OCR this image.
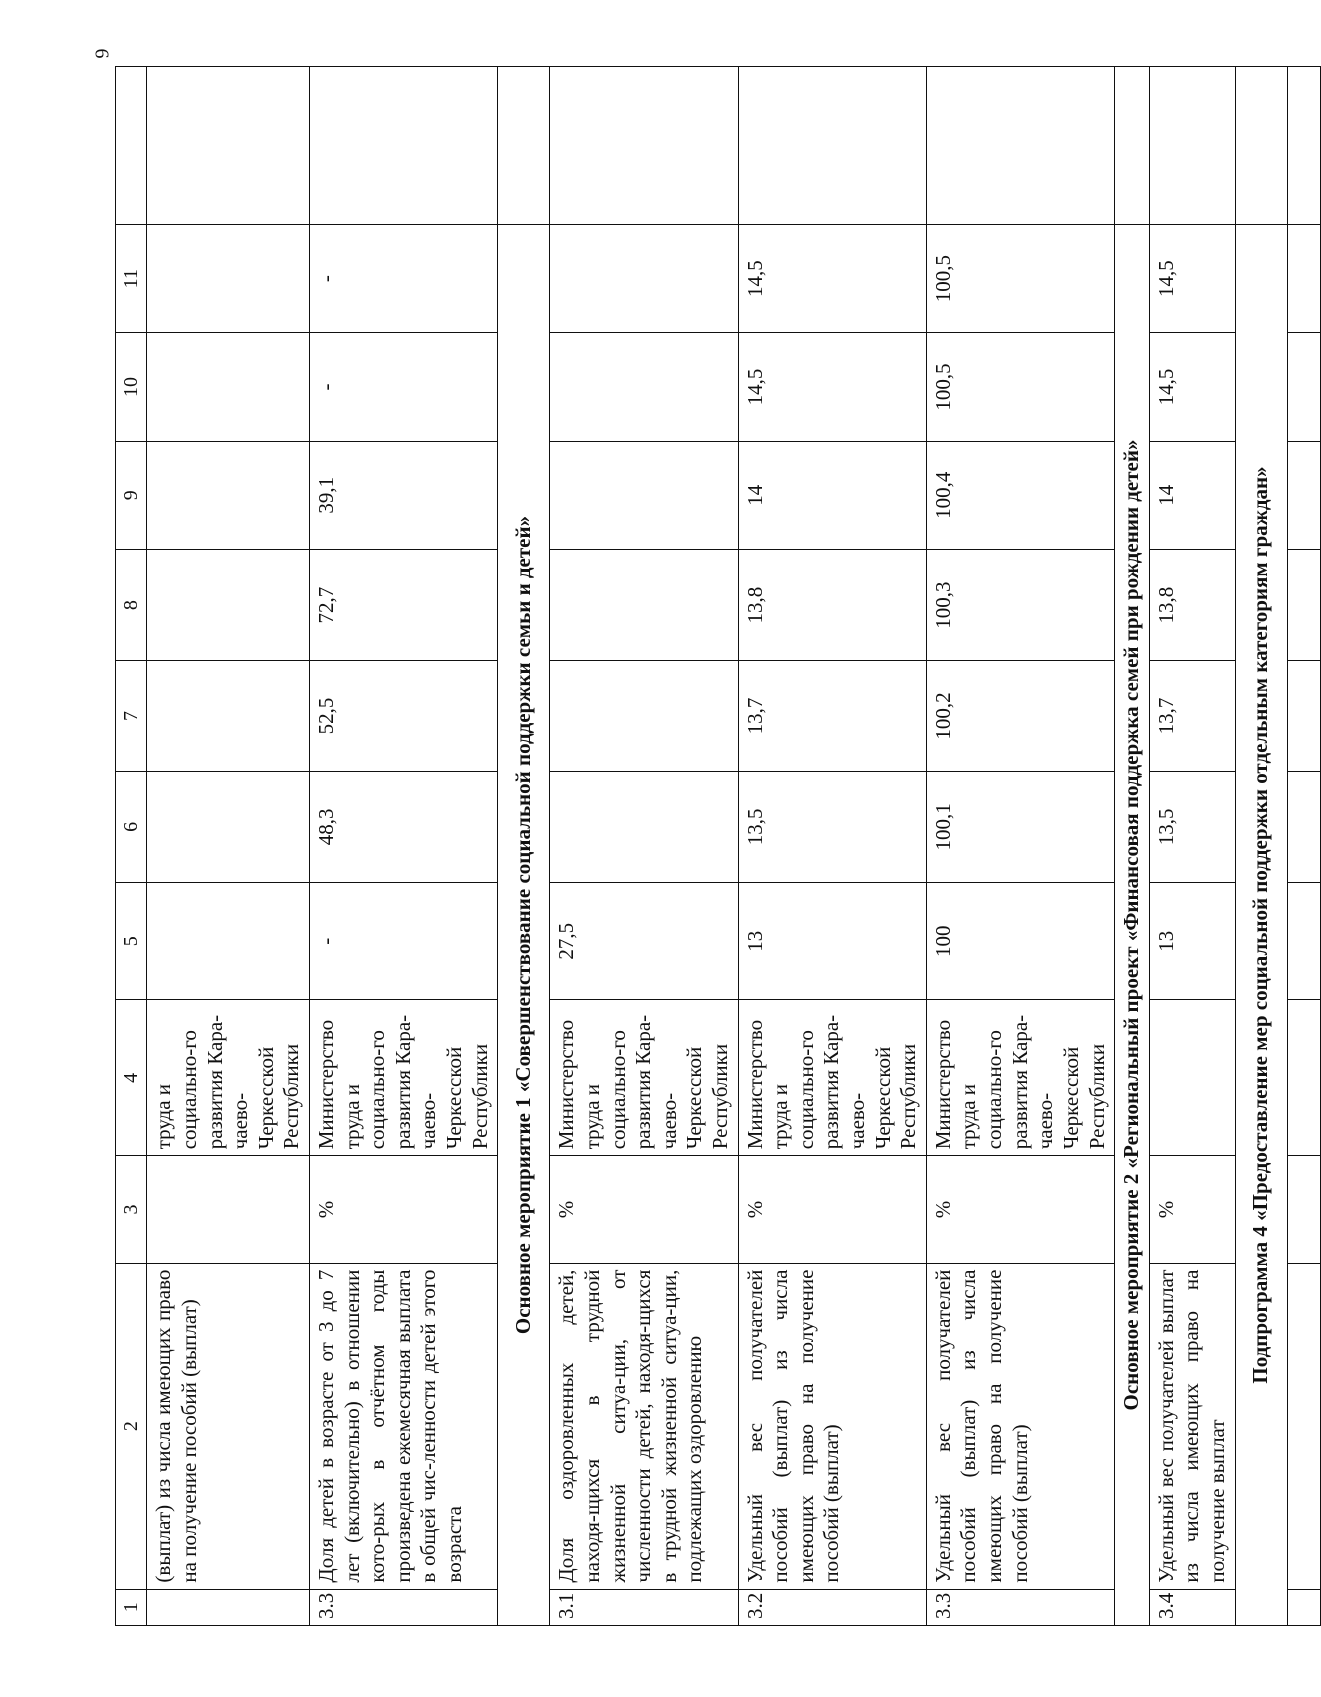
6
1	2	3	4	5	6	7	8	9	10	11	
	(выплат) из числа имеющих право на получение пособий (выплат)		труда и социально-го развития Кара-чаево-Черкесской Республики								
3.3	Доля детей в возрасте от 3 до 7 лет (включительно) в отношении кото-рых в отчётном годы произведена ежемесячная выплата в общей чис-ленности детей этого возраста	%	Министерство труда и социально-го развития Кара-чаево-Черкесской Республики	-	48,3	52,5	72,7	39,1	-	-	
Основное мероприятие 1 «Совершенствование социальной поддержки семьи и детей»											
3.1	Доля оздоровленных детей, находя-щихся в трудной жизненной ситуа-ции, от численности детей, находя-щихся в трудной жизненной ситуа-ции, подлежащих оздоровлению	%	Министерство труда и социально-го развития Кара-чаево-Черкесской Республики	27,5							
3.2	Удельный вес получателей пособий (выплат) из числа имеющих право на получение пособий (выплат)	%	Министерство труда и социально-го развития Кара-чаево-Черкесской Республики	13	13,5	13,7	13,8	14	14,5	14,5	
3.3	Удельный вес получателей пособий (выплат) из числа имеющих право на получение пособий (выплат)	%	Министерство труда и социально-го развития Кара-чаево-Черкесской Республики	100	100,1	100,2	100,3	100,4	100,5	100,5	
Основное мероприятие 2 «Региональный проект «Финансовая поддержка семей при рождении детей»											
3.4	Удельный вес получателей выплат из числа имеющих право на получение выплат	%		13	13,5	13,7	13,8	14	14,5	14,5	
Подпрограмма 4 «Предоставление мер социальной поддержки отдельным категориям граждан»											
